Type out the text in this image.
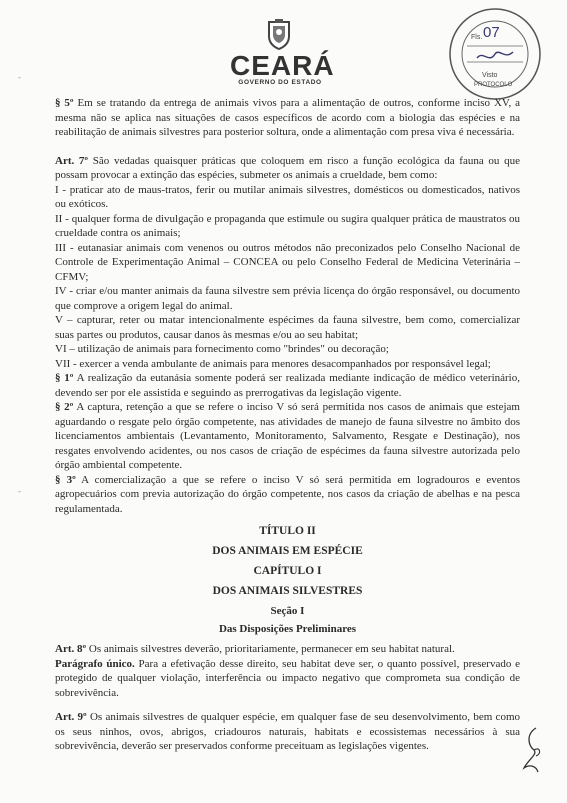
CEARÁ
GOVERNO DO ESTADO
Fls. 07
Visto
PROTOCOLO
-
-

§ 5º Em se tratando da entrega de animais vivos para a alimentação de outros, conforme inciso XV, a mesma não se aplica nas situações de casos específicos de acordo com a biologia das espécies e na reabilitação de animais silvestres para posterior soltura, onde a alimentação com presa viva é necessária.

Art. 7º São vedadas quaisquer práticas que coloquem em risco a função ecológica da fauna ou que possam provocar a extinção das espécies, submeter os animais a crueldade, bem como:

I - praticar ato de maus-tratos, ferir ou mutilar animais silvestres, domésticos ou domesticados, nativos ou exóticos.

II - qualquer forma de divulgação e propaganda que estimule ou sugira qualquer prática de maustratos ou crueldade contra os animais;

III - eutanasiar animais com venenos ou outros métodos não preconizados pelo Conselho Nacional de Controle de Experimentação Animal – CONCEA ou pelo Conselho Federal de Medicina Veterinária – CFMV;

IV - criar e/ou manter animais da fauna silvestre sem prévia licença do órgão responsável, ou documento que comprove a origem legal do animal.

V – capturar, reter ou matar intencionalmente espécimes da fauna silvestre, bem como, comercializar suas partes ou produtos, causar danos às mesmas e/ou ao seu habitat;

VI – utilização de animais para fornecimento como "brindes" ou decoração;

VII - exercer a venda ambulante de animais para menores desacompanhados por responsável legal;

§ 1º A realização da eutanásia somente poderá ser realizada mediante indicação de médico veterinário, devendo ser por ele assistida e seguindo as prerrogativas da legislação vigente.

§ 2º A captura, retenção a que se refere o inciso V só será permitida nos casos de animais que estejam aguardando o resgate pelo órgão competente, nas atividades de manejo de fauna silvestre no âmbito dos licenciamentos ambientais (Levantamento, Monitoramento, Salvamento, Resgate e Destinação), nos resgates envolvendo acidentes, ou nos casos de criação de espécimes da fauna silvestre autorizada pelo órgão ambiental competente.

§ 3º A comercialização a que se refere o inciso V só será permitida em logradouros e eventos agropecuários com previa autorização do órgão competente, nos casos da criação de abelhas e na pesca regulamentada.

TÍTULO II
DOS ANIMAIS EM ESPÉCIE
CAPÍTULO I
DOS ANIMAIS SILVESTRES
Seção I
Das Disposições Preliminares

Art. 8º Os animais silvestres deverão, prioritariamente, permanecer em seu habitat natural.

Parágrafo único. Para a efetivação desse direito, seu habitat deve ser, o quanto possível, preservado e protegido de qualquer violação, interferência ou impacto negativo que comprometa sua condição de sobrevivência.

Art. 9º Os animais silvestres de qualquer espécie, em qualquer fase de seu desenvolvimento, bem como os seus ninhos, ovos, abrigos, criadouros naturais, habitats e ecossistemas necessários à sua sobrevivência, deverão ser preservados conforme preceituam as legislações vigentes.
